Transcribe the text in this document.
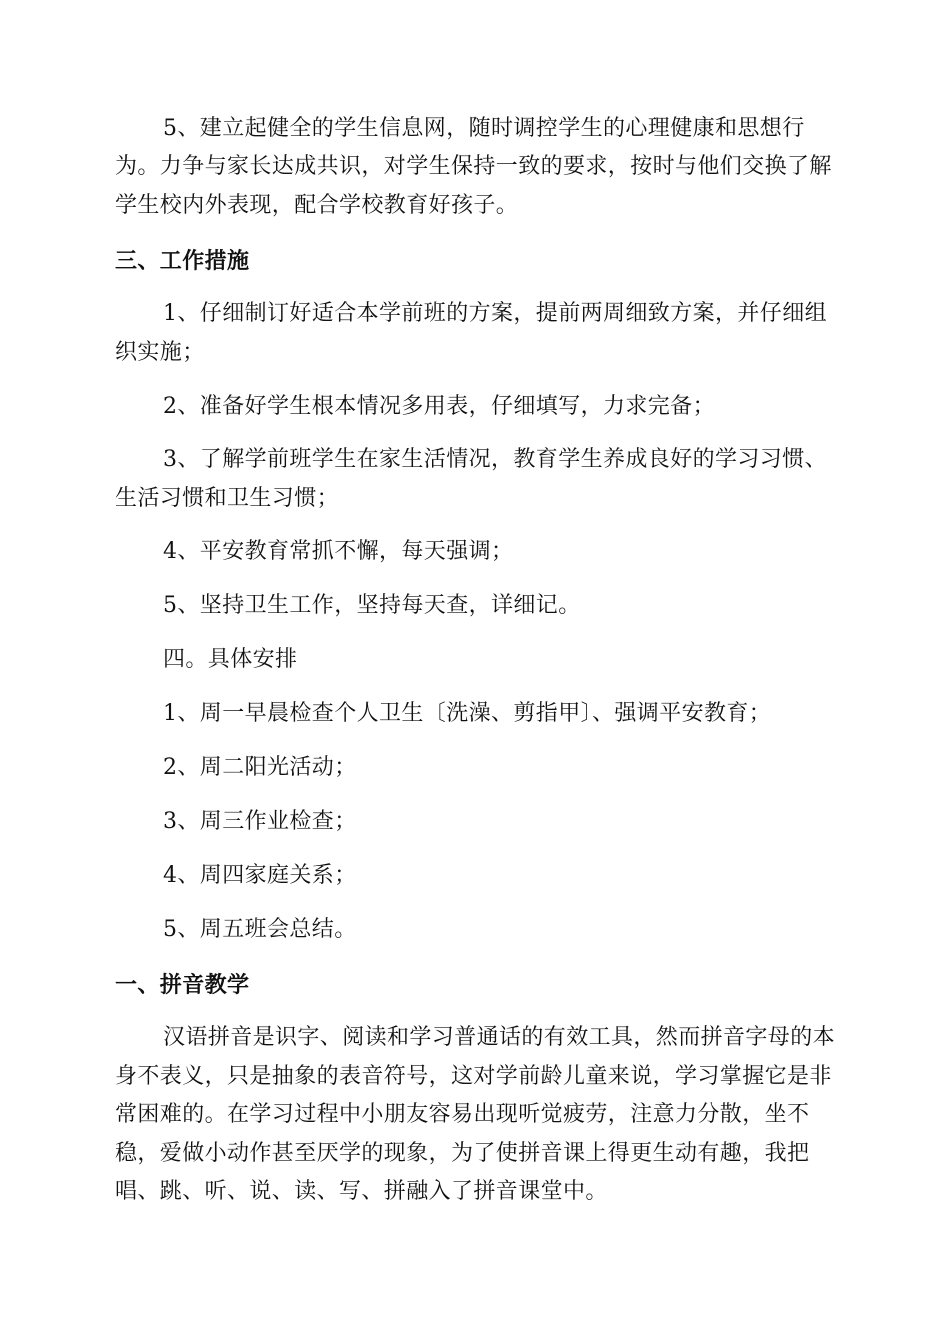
5、建立起健全的学生信息网，随时调控学生的心理健康和思想行
为。力争与家长达成共识，对学生保持一致的要求，按时与他们交换了解
学生校内外表现，配合学校教育好孩子。
三、工作措施
1、仔细制订好适合本学前班的方案，提前两周细致方案，并仔细组
织实施；
2、准备好学生根本情况多用表，仔细填写，力求完备；
3、了解学前班学生在家生活情况，教育学生养成良好的学习习惯、
生活习惯和卫生习惯；
4、平安教育常抓不懈，每天强调；
5、坚持卫生工作，坚持每天查，详细记。
四。具体安排
1、周一早晨检查个人卫生〔洗澡、剪指甲〕、强调平安教育；
2、周二阳光活动；
3、周三作业检查；
4、周四家庭关系；
5、周五班会总结。
一、拼音教学
汉语拼音是识字、阅读和学习普通话的有效工具，然而拼音字母的本
身不表义，只是抽象的表音符号，这对学前龄儿童来说，学习掌握它是非
常困难的。在学习过程中小朋友容易出现听觉疲劳，注意力分散，坐不
稳，爱做小动作甚至厌学的现象，为了使拼音课上得更生动有趣，我把
唱、跳、听、说、读、写、拼融入了拼音课堂中。
